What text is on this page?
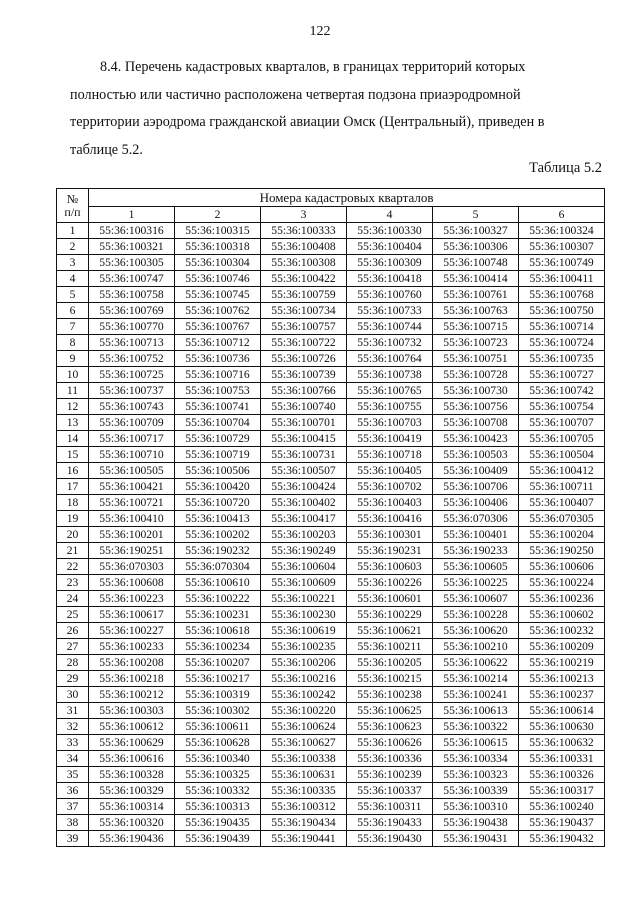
122
8.4. Перечень кадастровых кварталов, в границах территорий которых
полностью или частично расположена четвертая подзона приаэродромной
территории аэродрома гражданской авиации Омск (Центральный), приведен в
таблице 5.2.
Таблица 5.2
№
п/п	Номера кадастровых кварталов					
	1	2	3	4	5	6
1	55:36:100316	55:36:100315	55:36:100333	55:36:100330	55:36:100327	55:36:100324
2	55:36:100321	55:36:100318	55:36:100408	55:36:100404	55:36:100306	55:36:100307
3	55:36:100305	55:36:100304	55:36:100308	55:36:100309	55:36:100748	55:36:100749
4	55:36:100747	55:36:100746	55:36:100422	55:36:100418	55:36:100414	55:36:100411
5	55:36:100758	55:36:100745	55:36:100759	55:36:100760	55:36:100761	55:36:100768
6	55:36:100769	55:36:100762	55:36:100734	55:36:100733	55:36:100763	55:36:100750
7	55:36:100770	55:36:100767	55:36:100757	55:36:100744	55:36:100715	55:36:100714
8	55:36:100713	55:36:100712	55:36:100722	55:36:100732	55:36:100723	55:36:100724
9	55:36:100752	55:36:100736	55:36:100726	55:36:100764	55:36:100751	55:36:100735
10	55:36:100725	55:36:100716	55:36:100739	55:36:100738	55:36:100728	55:36:100727
11	55:36:100737	55:36:100753	55:36:100766	55:36:100765	55:36:100730	55:36:100742
12	55:36:100743	55:36:100741	55:36:100740	55:36:100755	55:36:100756	55:36:100754
13	55:36:100709	55:36:100704	55:36:100701	55:36:100703	55:36:100708	55:36:100707
14	55:36:100717	55:36:100729	55:36:100415	55:36:100419	55:36:100423	55:36:100705
15	55:36:100710	55:36:100719	55:36:100731	55:36:100718	55:36:100503	55:36:100504
16	55:36:100505	55:36:100506	55:36:100507	55:36:100405	55:36:100409	55:36:100412
17	55:36:100421	55:36:100420	55:36:100424	55:36:100702	55:36:100706	55:36:100711
18	55:36:100721	55:36:100720	55:36:100402	55:36:100403	55:36:100406	55:36:100407
19	55:36:100410	55:36:100413	55:36:100417	55:36:100416	55:36:070306	55:36:070305
20	55:36:100201	55:36:100202	55:36:100203	55:36:100301	55:36:100401	55:36:100204
21	55:36:190251	55:36:190232	55:36:190249	55:36:190231	55:36:190233	55:36:190250
22	55:36:070303	55:36:070304	55:36:100604	55:36:100603	55:36:100605	55:36:100606
23	55:36:100608	55:36:100610	55:36:100609	55:36:100226	55:36:100225	55:36:100224
24	55:36:100223	55:36:100222	55:36:100221	55:36:100601	55:36:100607	55:36:100236
25	55:36:100617	55:36:100231	55:36:100230	55:36:100229	55:36:100228	55:36:100602
26	55:36:100227	55:36:100618	55:36:100619	55:36:100621	55:36:100620	55:36:100232
27	55:36:100233	55:36:100234	55:36:100235	55:36:100211	55:36:100210	55:36:100209
28	55:36:100208	55:36:100207	55:36:100206	55:36:100205	55:36:100622	55:36:100219
29	55:36:100218	55:36:100217	55:36:100216	55:36:100215	55:36:100214	55:36:100213
30	55:36:100212	55:36:100319	55:36:100242	55:36:100238	55:36:100241	55:36:100237
31	55:36:100303	55:36:100302	55:36:100220	55:36:100625	55:36:100613	55:36:100614
32	55:36:100612	55:36:100611	55:36:100624	55:36:100623	55:36:100322	55:36:100630
33	55:36:100629	55:36:100628	55:36:100627	55:36:100626	55:36:100615	55:36:100632
34	55:36:100616	55:36:100340	55:36:100338	55:36:100336	55:36:100334	55:36:100331
35	55:36:100328	55:36:100325	55:36:100631	55:36:100239	55:36:100323	55:36:100326
36	55:36:100329	55:36:100332	55:36:100335	55:36:100337	55:36:100339	55:36:100317
37	55:36:100314	55:36:100313	55:36:100312	55:36:100311	55:36:100310	55:36:100240
38	55:36:100320	55:36:190435	55:36:190434	55:36:190433	55:36:190438	55:36:190437
39	55:36:190436	55:36:190439	55:36:190441	55:36:190430	55:36:190431	55:36:190432
